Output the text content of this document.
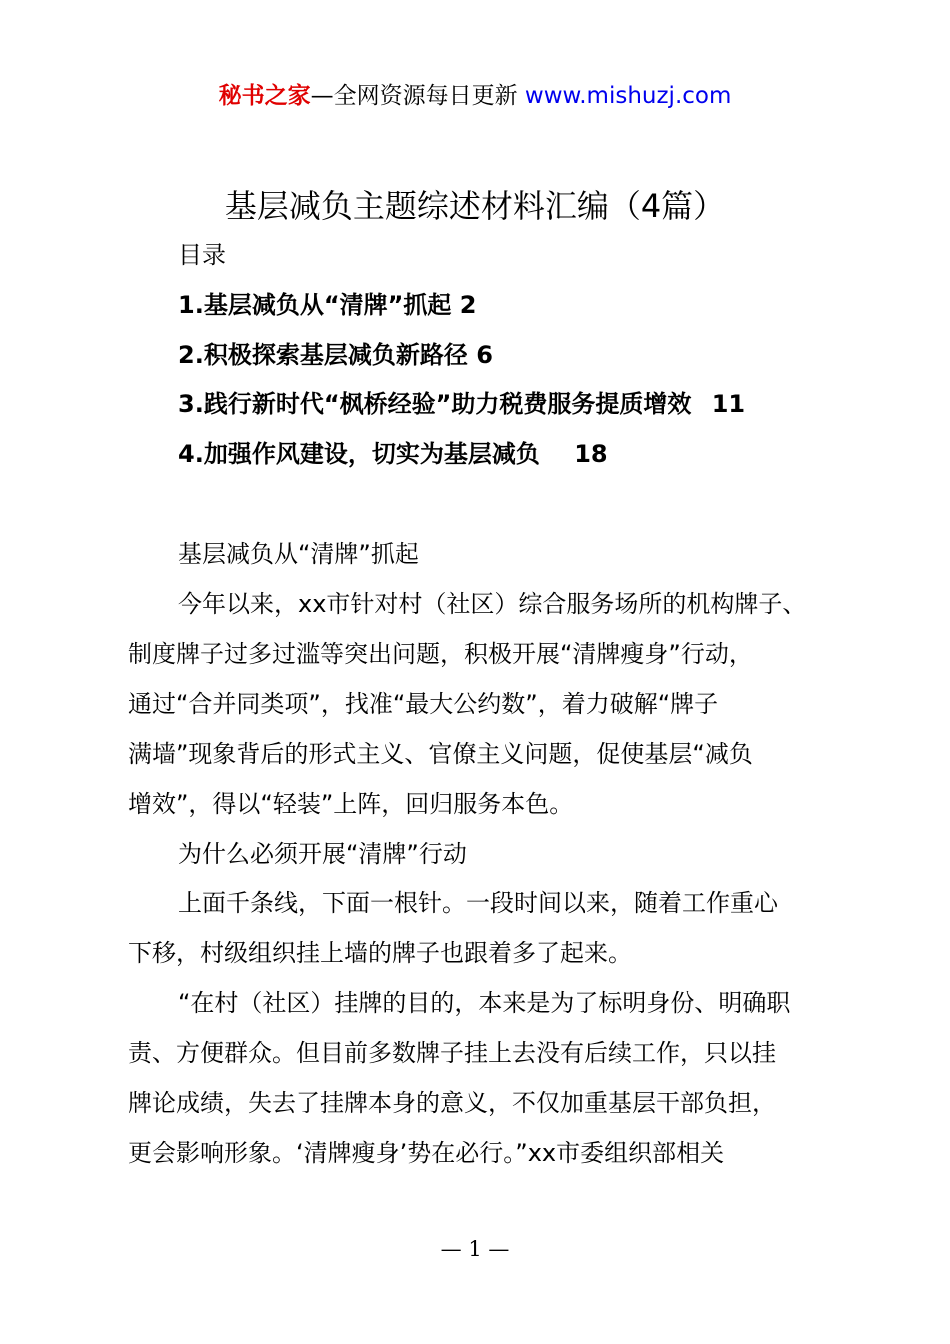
秘书之家—全网资源每日更新 www.mishuzj.com
基层减负主题综述材料汇编（4篇）
目录
1.基层减负从“清牌”抓起 2
2.积极探索基层减负新路径 6
3.践行新时代“枫桥经验”助力税费服务提质增效 11
4.加强作风建设，切实为基层减负 18
基层减负从“清牌”抓起
今年以来，xx市针对村（社区）综合服务场所的机构牌子、
制度牌子过多过滥等突出问题，积极开展“清牌瘦身”行动，
通过“合并同类项”，找准“最大公约数”，着力破解“牌子
满墙”现象背后的形式主义、官僚主义问题，促使基层“减负
增效”，得以“轻装”上阵，回归服务本色。
为什么必须开展“清牌”行动
上面千条线，下面一根针。一段时间以来，随着工作重心
下移，村级组织挂上墙的牌子也跟着多了起来。
“在村（社区）挂牌的目的，本来是为了标明身份、明确职
责、方便群众。但目前多数牌子挂上去没有后续工作，只以挂
牌论成绩，失去了挂牌本身的意义，不仅加重基层干部负担，
更会影响形象。‘清牌瘦身’势在必行。”xx市委组织部相关
— 1 —
